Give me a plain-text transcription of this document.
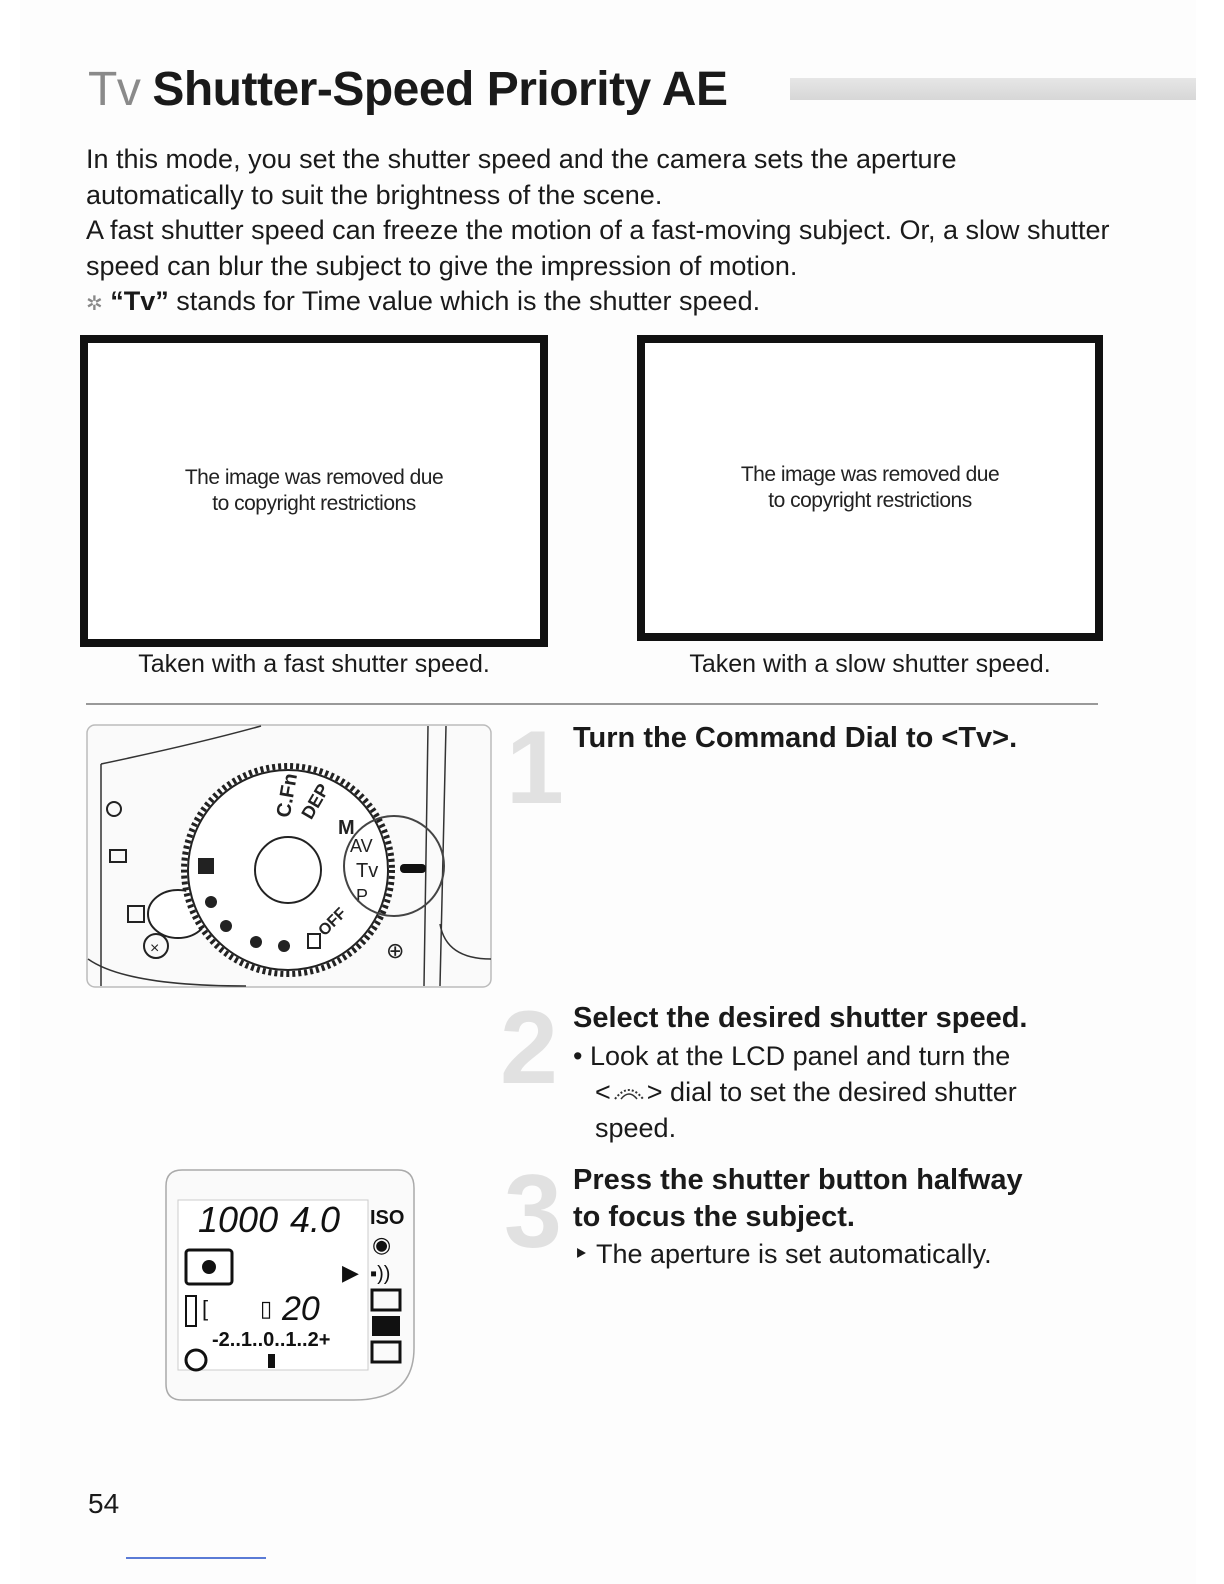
Tv Shutter-Speed Priority AE

In this mode, you set the shutter speed and the camera sets the aperture automatically to suit the brightness of the scene.

A fast shutter speed can freeze the motion of a fast-moving subject. Or, a slow shutter speed can blur the subject to give the impression of motion.

✲ “Tv” stands for Time value which is the shutter speed.

The image was removed due
to copyright restrictions
Taken with a fast shutter speed.
The image was removed due
to copyright restrictions
Taken with a slow shutter speed.
×
C.Fn
DEP
M
AV
Tv
P
OFF
⊕
1000 4.0 ISO
▶
◉
▪))
[ ▯ 20
-2..1..0..1..2+
1 Turn the Command Dial to <Tv>.
2 Select the desired shutter speed.
• Look at the LCD panel and turn the
< > dial to set the desired shutter
speed.
3 Press the shutter button halfway
to focus the subject.
‣ The aperture is set automatically.
54
